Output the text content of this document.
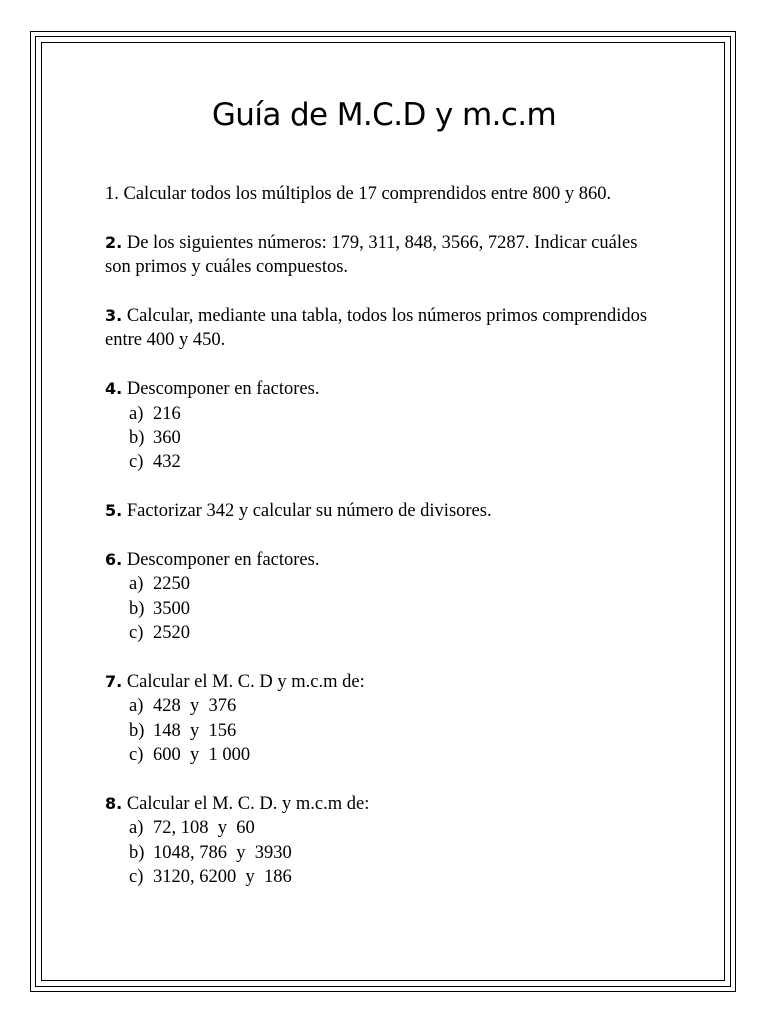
Guía de M.C.D y m.c.m
1. Calcular todos los múltiplos de 17 comprendidos entre 800 y 860.
2. De los siguientes números: 179, 311, 848, 3566, 7287. Indicar cuáles son primos y cuáles compuestos.
3. Calcular, mediante una tabla, todos los números primos comprendidos entre 400 y 450.
4. Descomponer en factores.
a) 216
b) 360
c) 432
5. Factorizar 342 y calcular su número de divisores.
6. Descomponer en factores.
a) 2250
b) 3500
c) 2520
7. Calcular el M. C. D y m.c.m de:
a) 428  y  376
b) 148  y  156
c) 600  y  1 000
8. Calcular el M. C. D. y m.c.m de:
a) 72, 108  y  60
b) 1048, 786  y  3930
c) 3120, 6200  y  186
